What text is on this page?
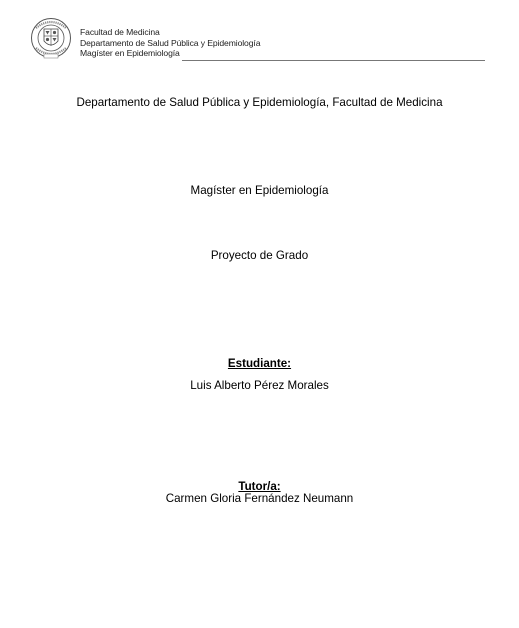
Facultad de Medicina
Departamento de Salud Pública y Epidemiología
Magíster en Epidemiología
Departamento de Salud Pública y Epidemiología, Facultad de Medicina
Magíster en Epidemiología
Proyecto de Grado
Estudiante:
Luis Alberto Pérez Morales
Tutor/a:
Carmen Gloria Fernández Neumann
